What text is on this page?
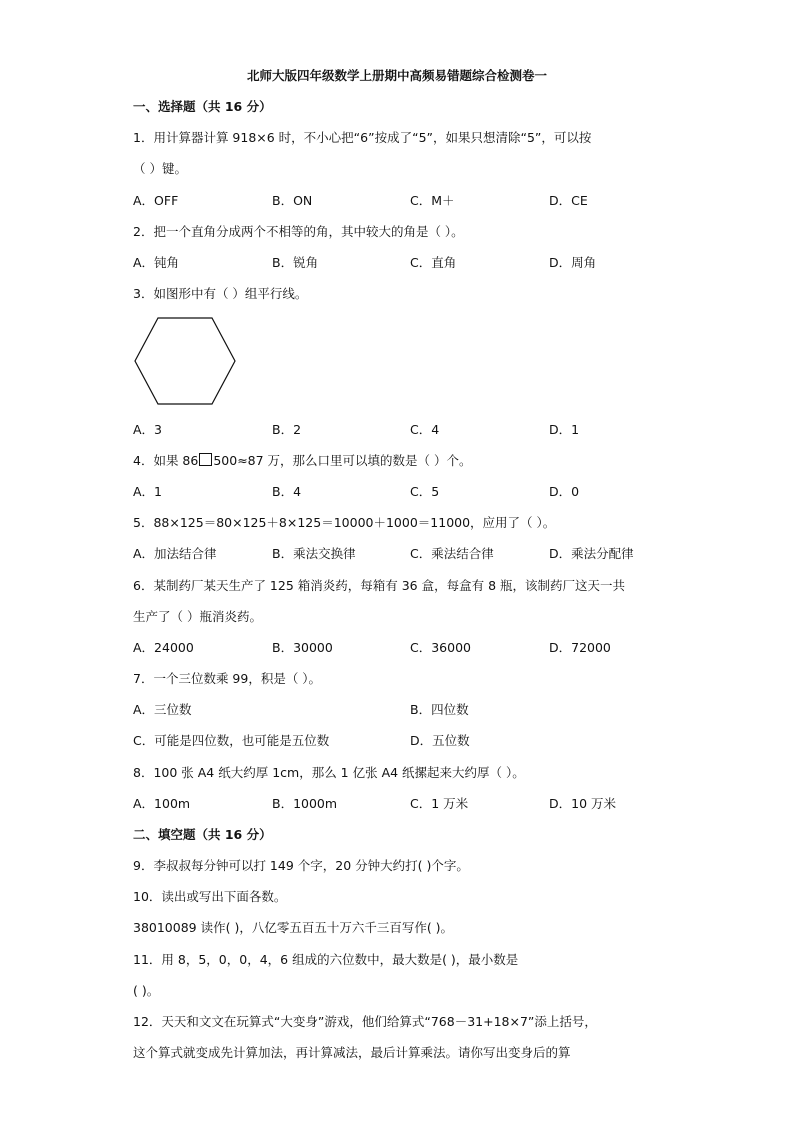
北师大版四年级数学上册期中高频易错题综合检测卷一
一、选择题（共 16 分）
1．用计算器计算 918×6 时，不小心把“6”按成了“5”，如果只想清除“5”，可以按
（ ）键。
A．OFF	B．ON	C．M＋	D．CE
2．把一个直角分成两个不相等的角，其中较大的角是（ ）。
A．钝角	B．锐角	C．直角	D．周角
3．如图形中有（ ）组平行线。
A．3	B．2	C．4	D．1
4．如果 86 500≈87 万，那么口里可以填的数是（ ）个。
A．1	B．4	C．5	D．0
5．88×125＝80×125＋8×125＝10000＋1000＝11000，应用了（ ）。
A．加法结合律	B．乘法交换律	C．乘法结合律	D．乘法分配律
6．某制药厂某天生产了 125 箱消炎药，每箱有 36 盒，每盒有 8 瓶，该制药厂这天一共
生产了（ ）瓶消炎药。
A．24000	B．30000	C．36000	D．72000
7．一个三位数乘 99，积是（ ）。
A．三位数	B．四位数
C．可能是四位数，也可能是五位数	D．五位数
8．100 张 A4 纸大约厚 1cm，那么 1 亿张 A4 纸摞起来大约厚（ ）。
A．100m	B．1000m	C．1 万米	D．10 万米
二、填空题（共 16 分）
9．李叔叔每分钟可以打 149 个字，20 分钟大约打( )个字。
10．读出或写出下面各数。
38010089 读作( )，八亿零五百五十万六千三百写作( )。
11．用 8，5，0，0，4，6 组成的六位数中，最大数是( )，最小数是
( )。
12．天天和文文在玩算式“大变身”游戏，他们给算式“768－31+18×7”添上括号，
这个算式就变成先计算加法，再计算减法，最后计算乘法。请你写出变身后的算
